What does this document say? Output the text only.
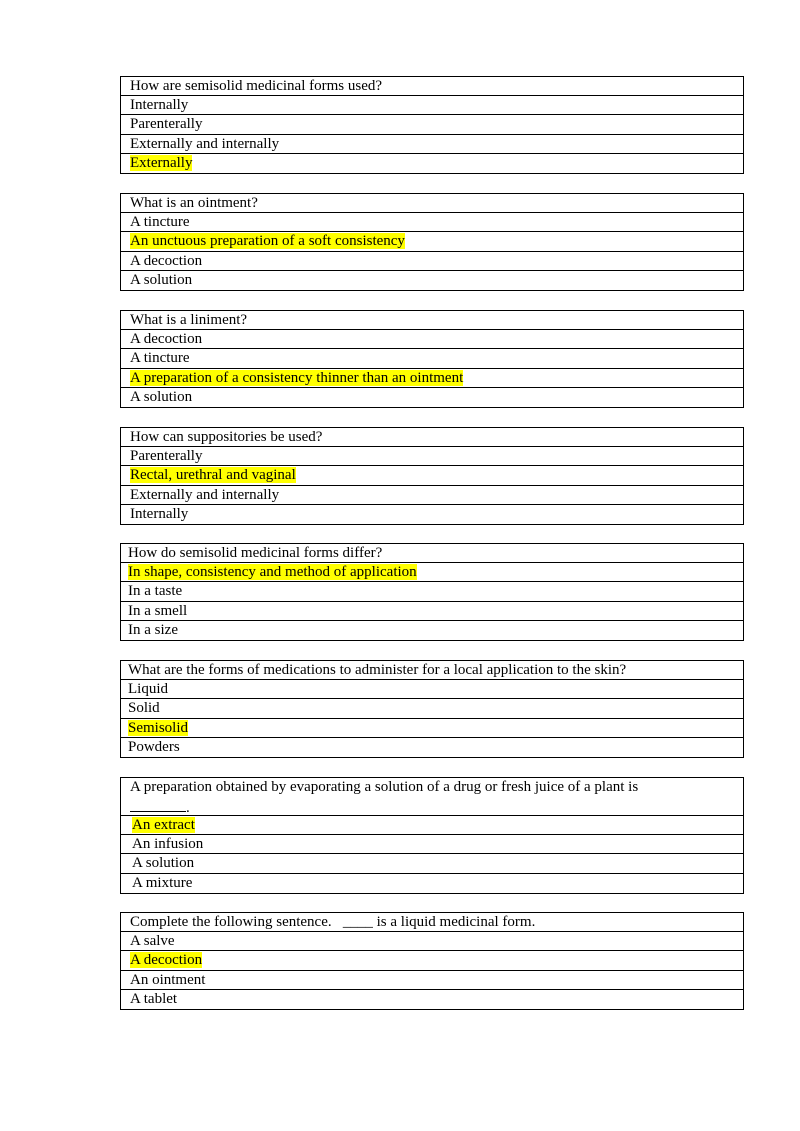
How are semisolid medicinal forms used?
Internally
Parenterally
Externally and internally
Externally
What is an ointment?
A tincture
An unctuous preparation of a soft consistency
A decoction
A solution
What is a liniment?
A decoction
A tincture
A preparation of a consistency thinner than an ointment
A solution
How can suppositories be used?
Parenterally
Rectal, urethral and vaginal
Externally and internally
Internally
How do semisolid medicinal forms differ?
In shape, consistency and method of application
In a taste
In a smell
In a size
What are the forms of medications to administer for a local application to the skin?
Liquid
Solid
Semisolid
Powders
A preparation obtained by evaporating a solution of a drug or fresh juice of a plant is
.
An extract
An infusion
A solution
A mixture
Complete the following sentence.   ____ is a liquid medicinal form.
A salve
A decoction
An ointment
A tablet
